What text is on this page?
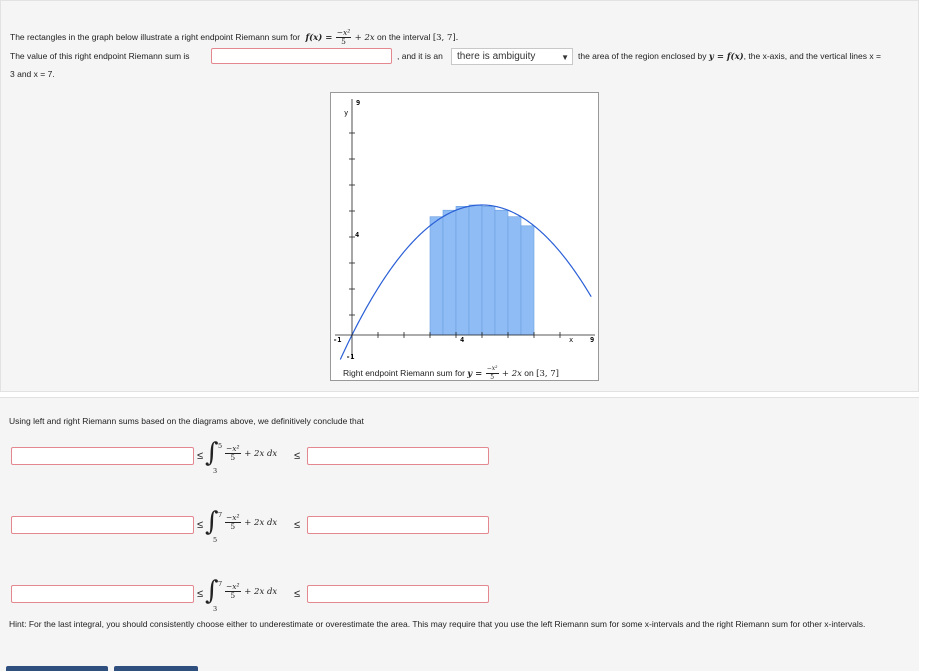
The rectangles in the graph below illustrate a right endpoint Riemann sum for $f(x) = \frac{\text{−x²}}{5} + 2x$ on the interval [3, 7].
The value of this right endpoint Riemann sum is	, and it is an	there is ambiguity	▼ the area of the region enclosed by y = f(x), the x-axis, and the vertical lines x =
3 and x = 7.
y
x
9
4
-1	4	9
-1
Right endpoint Riemann sum for $y = \frac{\text{−x²}}{5} + 2x$ on [3, 7]
Using left and right Riemann sums based on the diagrams above, we definitively conclude that
≤ ∫ 5
3
$\frac{\text{−x²}}{5} + 2x$ dx ≤
≤ ∫ 7
5
$\frac{\text{−x²}}{5} + 2x$ dx ≤
≤ ∫ 7
3
$\frac{\text{−x²}}{5} + 2x$ dx ≤
Hint: For the last integral, you should consistently choose either to underestimate or overestimate the area. This may require that you use the left Riemann sum for some x-intervals and the right Riemann sum for other x-intervals.
